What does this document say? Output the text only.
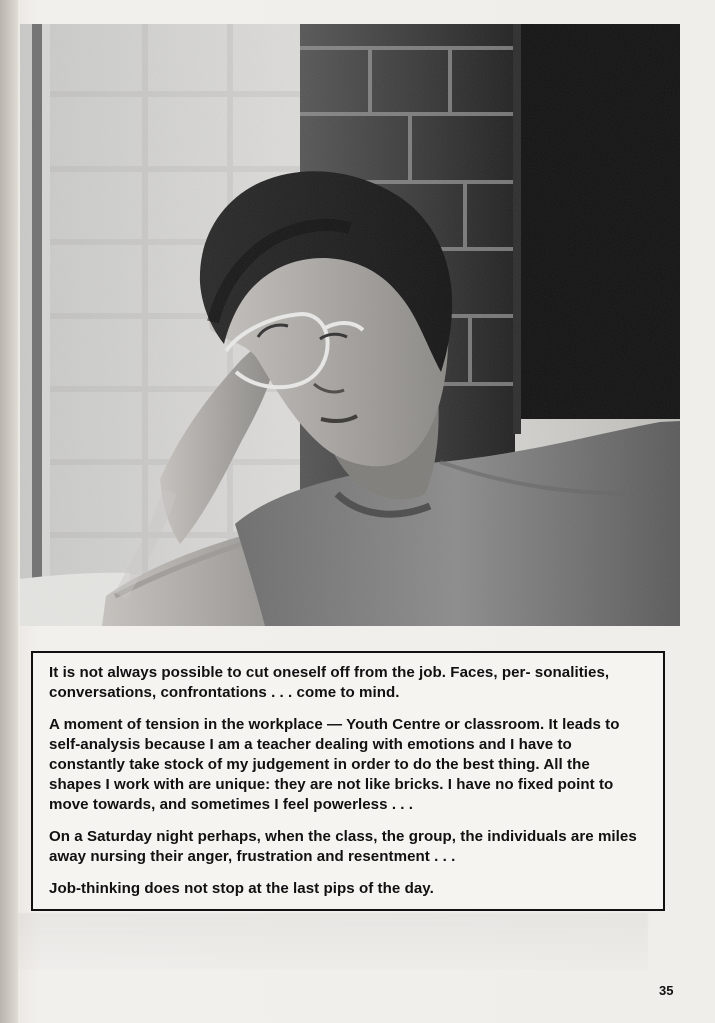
It is not always possible to cut oneself off from the job. Faces, per- sonalities, conversations, confrontations . . . come to mind.

A moment of tension in the workplace — Youth Centre or classroom. It leads to self-analysis because I am a teacher dealing with emotions and I have to constantly take stock of my judgement in order to do the best thing. All the shapes I work with are unique: they are not like bricks. I have no fixed point to move towards, and sometimes I feel powerless . . .

On a Saturday night perhaps, when the class, the group, the individuals are miles away nursing their anger, frustration and resentment . . .

Job-thinking does not stop at the last pips of the day.

35
